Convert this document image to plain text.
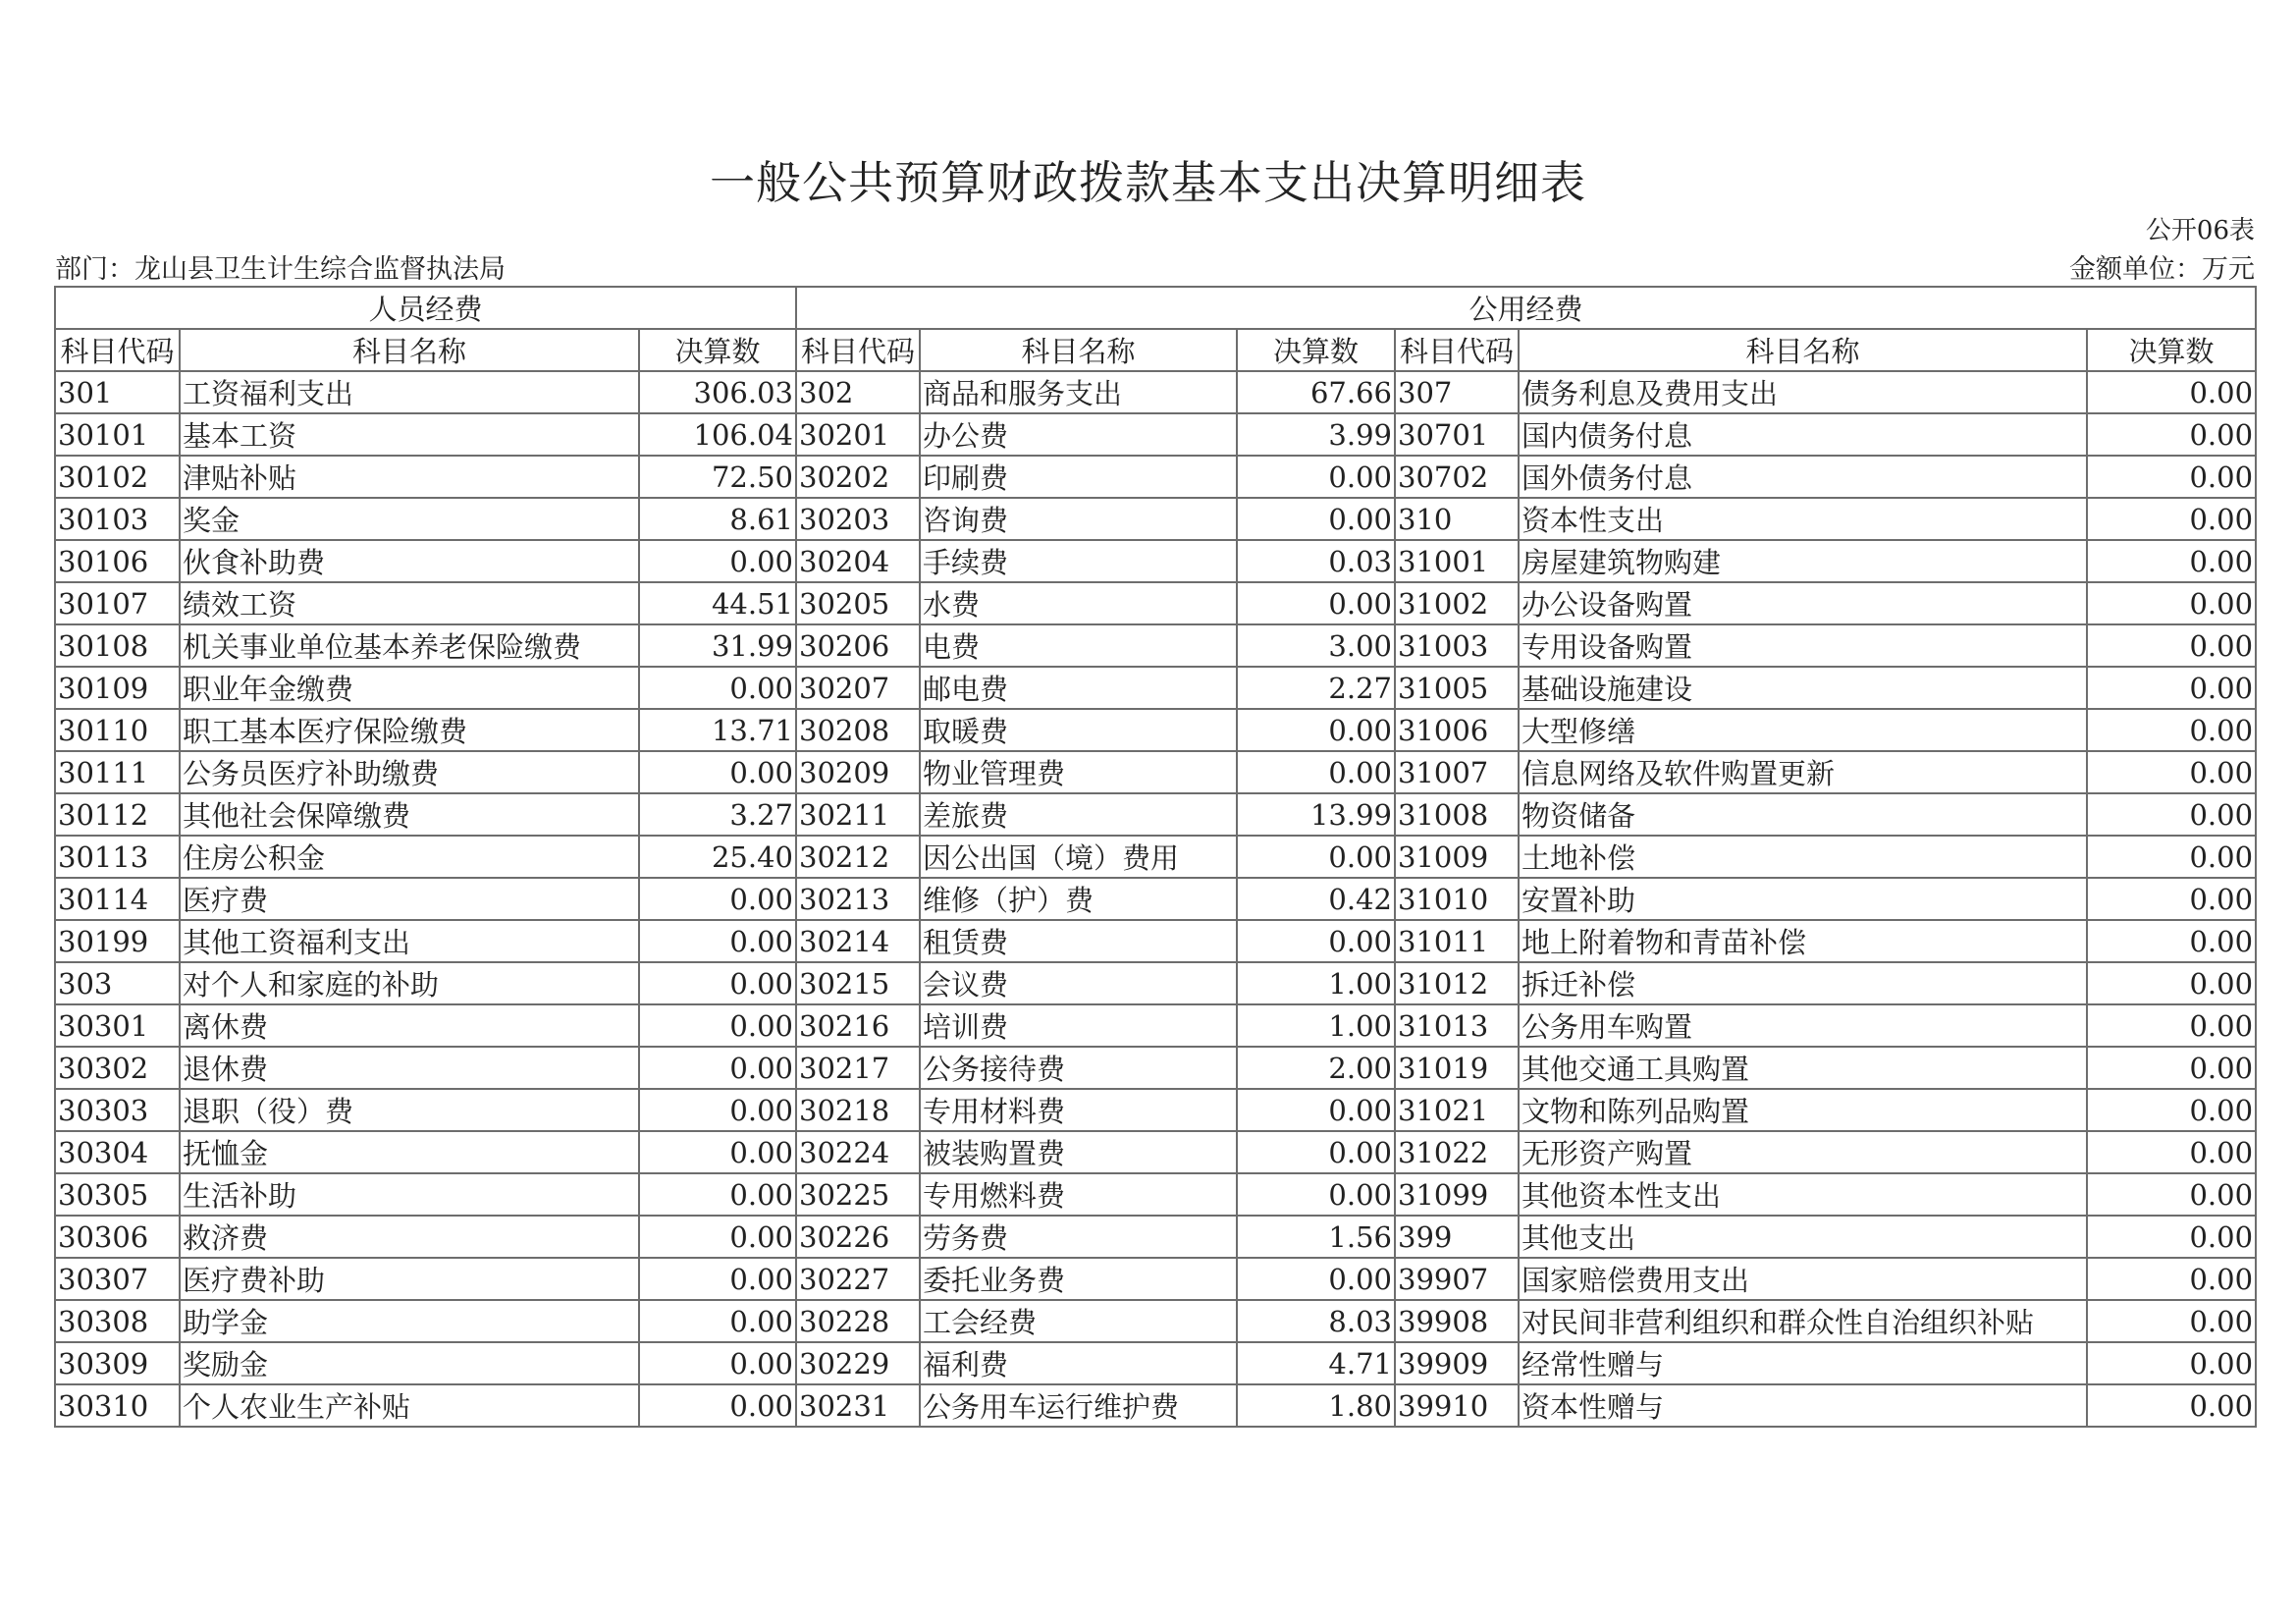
一般公共预算财政拨款基本支出决算明细表
公开06表
部门：龙山县卫生计生综合监督执法局	金额单位：万元
人员经费			公用经费					
科目代码	科目名称	决算数	科目代码	科目名称	决算数	科目代码	科目名称	决算数
301	工资福利支出	306.03	302	商品和服务支出	67.66	307	债务利息及费用支出	0.00
30101	基本工资	106.04	30201	办公费	3.99	30701	国内债务付息	0.00
30102	津贴补贴	72.50	30202	印刷费	0.00	30702	国外债务付息	0.00
30103	奖金	8.61	30203	咨询费	0.00	310	资本性支出	0.00
30106	伙食补助费	0.00	30204	手续费	0.03	31001	房屋建筑物购建	0.00
30107	绩效工资	44.51	30205	水费	0.00	31002	办公设备购置	0.00
30108	机关事业单位基本养老保险缴费	31.99	30206	电费	3.00	31003	专用设备购置	0.00
30109	职业年金缴费	0.00	30207	邮电费	2.27	31005	基础设施建设	0.00
30110	职工基本医疗保险缴费	13.71	30208	取暖费	0.00	31006	大型修缮	0.00
30111	公务员医疗补助缴费	0.00	30209	物业管理费	0.00	31007	信息网络及软件购置更新	0.00
30112	其他社会保障缴费	3.27	30211	差旅费	13.99	31008	物资储备	0.00
30113	住房公积金	25.40	30212	因公出国（境）费用	0.00	31009	土地补偿	0.00
30114	医疗费	0.00	30213	维修（护）费	0.42	31010	安置补助	0.00
30199	其他工资福利支出	0.00	30214	租赁费	0.00	31011	地上附着物和青苗补偿	0.00
303	对个人和家庭的补助	0.00	30215	会议费	1.00	31012	拆迁补偿	0.00
30301	离休费	0.00	30216	培训费	1.00	31013	公务用车购置	0.00
30302	退休费	0.00	30217	公务接待费	2.00	31019	其他交通工具购置	0.00
30303	退职（役）费	0.00	30218	专用材料费	0.00	31021	文物和陈列品购置	0.00
30304	抚恤金	0.00	30224	被装购置费	0.00	31022	无形资产购置	0.00
30305	生活补助	0.00	30225	专用燃料费	0.00	31099	其他资本性支出	0.00
30306	救济费	0.00	30226	劳务费	1.56	399	其他支出	0.00
30307	医疗费补助	0.00	30227	委托业务费	0.00	39907	国家赔偿费用支出	0.00
30308	助学金	0.00	30228	工会经费	8.03	39908	对民间非营利组织和群众性自治组织补贴	0.00
30309	奖励金	0.00	30229	福利费	4.71	39909	经常性赠与	0.00
30310	个人农业生产补贴	0.00	30231	公务用车运行维护费	1.80	39910	资本性赠与	0.00
